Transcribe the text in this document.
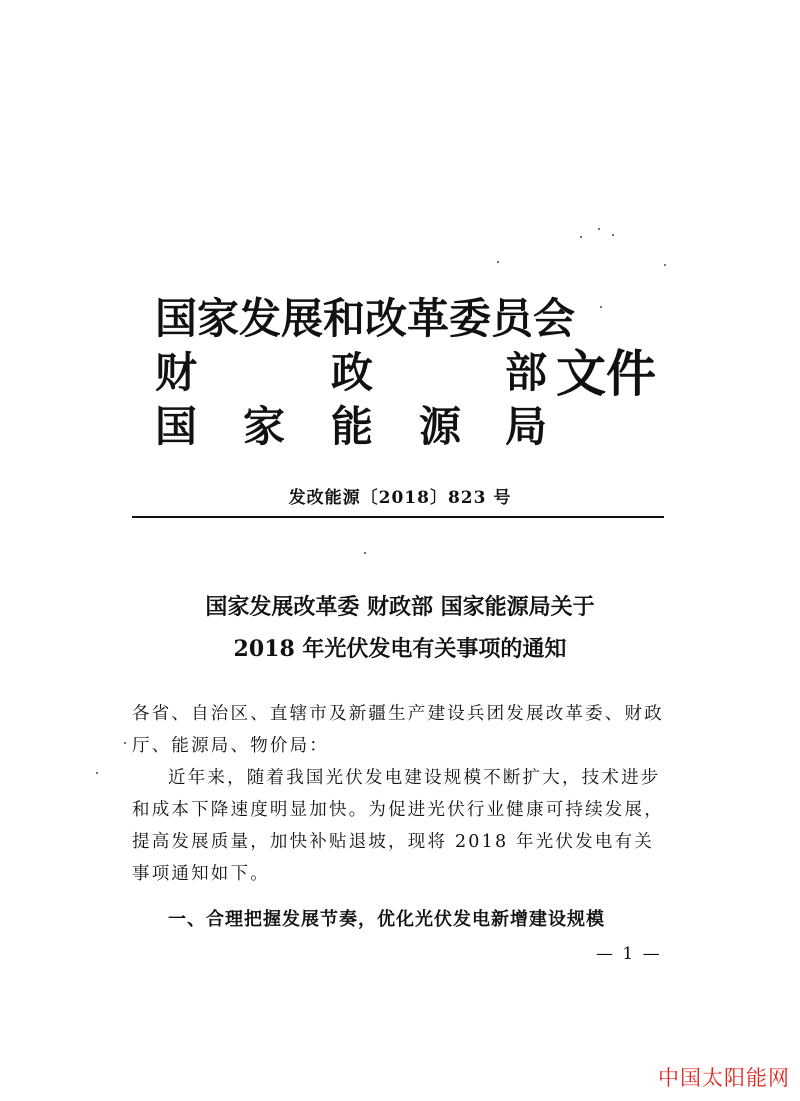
国家发展和改革委员会
财	政	部
国 家 能 源 局
文件
发改能源〔2018〕823 号
国家发展改革委 财政部 国家能源局关于
2018 年光伏发电有关事项的通知
各省、自治区、直辖市及新疆生产建设兵团发展改革委、财政厅、能源局、物价局：
近年来，随着我国光伏发电建设规模不断扩大，技术进步和成本下降速度明显加快。为促进光伏行业健康可持续发展，提高发展质量，加快补贴退坡，现将 2018 年光伏发电有关事项通知如下。
一、合理把握发展节奏，优化光伏发电新增建设规模
— 1 —
中国太阳能网
